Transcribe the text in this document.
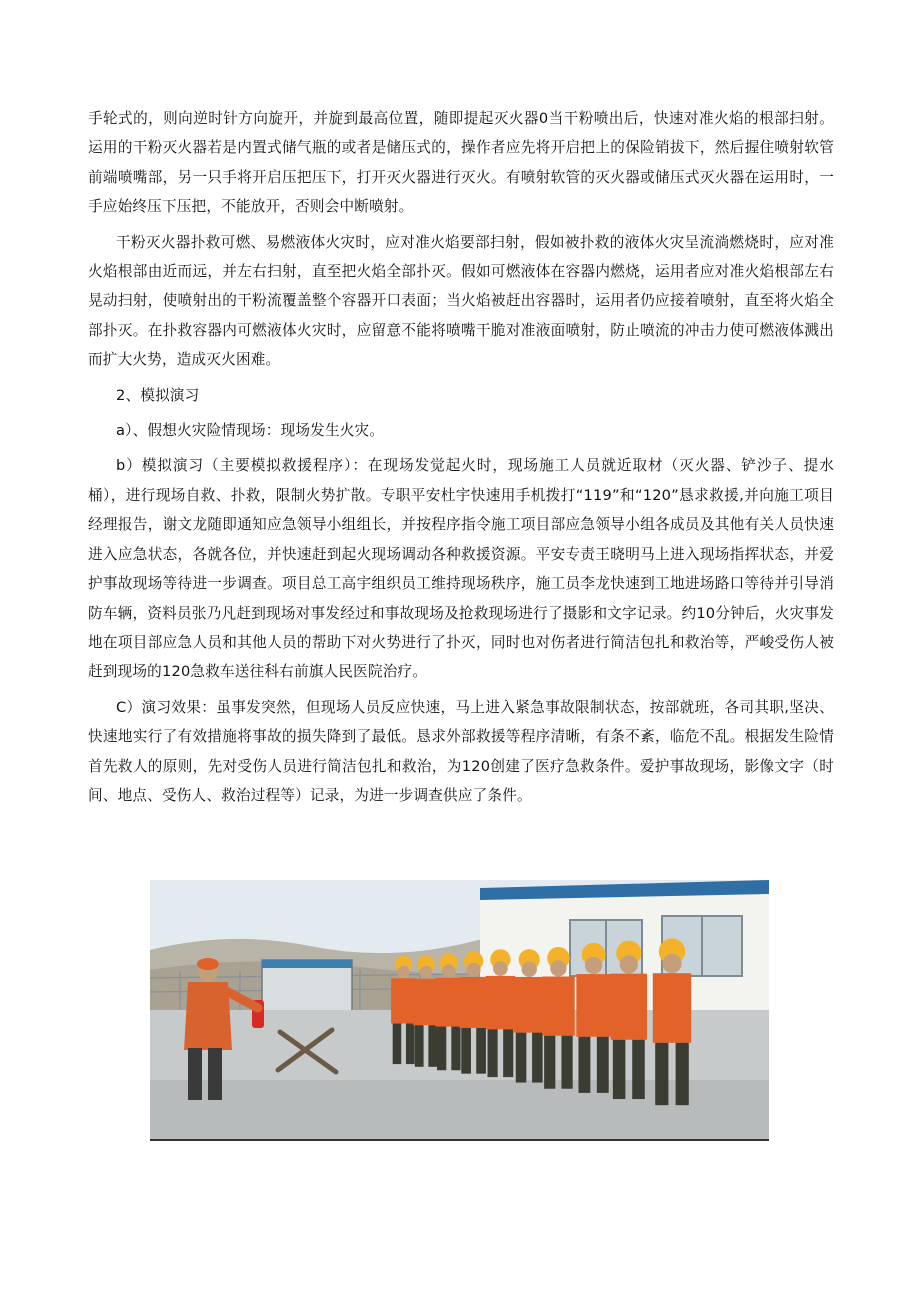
手轮式的，则向逆时针方向旋开，并旋到最高位置，随即提起灭火器0当干粉喷出后，快速对准火焰的根部扫射。运用的干粉灭火器若是内置式储气瓶的或者是储压式的，操作者应先将开启把上的保险销拔下，然后握住喷射软管前端喷嘴部，另一只手将开启压把压下，打开灭火器进行灭火。有喷射软管的灭火器或储压式灭火器在运用时，一手应始终压下压把，不能放开，否则会中断喷射。

干粉灭火器扑救可燃、易燃液体火灾时，应对准火焰要部扫射，假如被扑救的液体火灾呈流淌燃烧时，应对准火焰根部由近而远，并左右扫射，直至把火焰全部扑灭。假如可燃液体在容器内燃烧，运用者应对准火焰根部左右晃动扫射，使喷射出的干粉流覆盖整个容器开口表面；当火焰被赶出容器时，运用者仍应接着喷射，直至将火焰全部扑灭。在扑救容器内可燃液体火灾时，应留意不能将喷嘴干脆对准液面喷射，防止喷流的冲击力使可燃液体溅出而扩大火势，造成灭火困难。

2、模拟演习

a）、假想火灾险情现场：现场发生火灾。

b）模拟演习（主要模拟救援程序）：在现场发觉起火时，现场施工人员就近取材（灭火器、铲沙子、提水桶），进行现场自救、扑救，限制火势扩散。专职平安杜宇快速用手机拨打“119”和“120”恳求救援,并向施工项目经理报告，谢文龙随即通知应急领导小组组长，并按程序指令施工项目部应急领导小组各成员及其他有关人员快速进入应急状态，各就各位，并快速赶到起火现场调动各种救援资源。平安专责王晓明马上进入现场指挥状态，并爱护事故现场等待进一步调查。项目总工高宇组织员工维持现场秩序，施工员李龙快速到工地进场路口等待并引导消防车辆，资料员张乃凡赶到现场对事发经过和事故现场及抢救现场进行了摄影和文字记录。约10分钟后，火灾事发地在项目部应急人员和其他人员的帮助下对火势进行了扑灭，同时也对伤者进行简洁包扎和救治等，严峻受伤人被赶到现场的120急救车送往科右前旗人民医院治疗。

C）演习效果：虽事发突然，但现场人员反应快速，马上进入紧急事故限制状态，按部就班，各司其职,坚决、快速地实行了有效措施将事故的损失降到了最低。恳求外部救援等程序清晰，有条不紊，临危不乱。根据发生险情首先救人的原则，先对受伤人员进行简洁包扎和救治，为120创建了医疗急救条件。爱护事故现场，影像文字（时间、地点、受伤人、救治过程等）记录，为进一步调查供应了条件。
